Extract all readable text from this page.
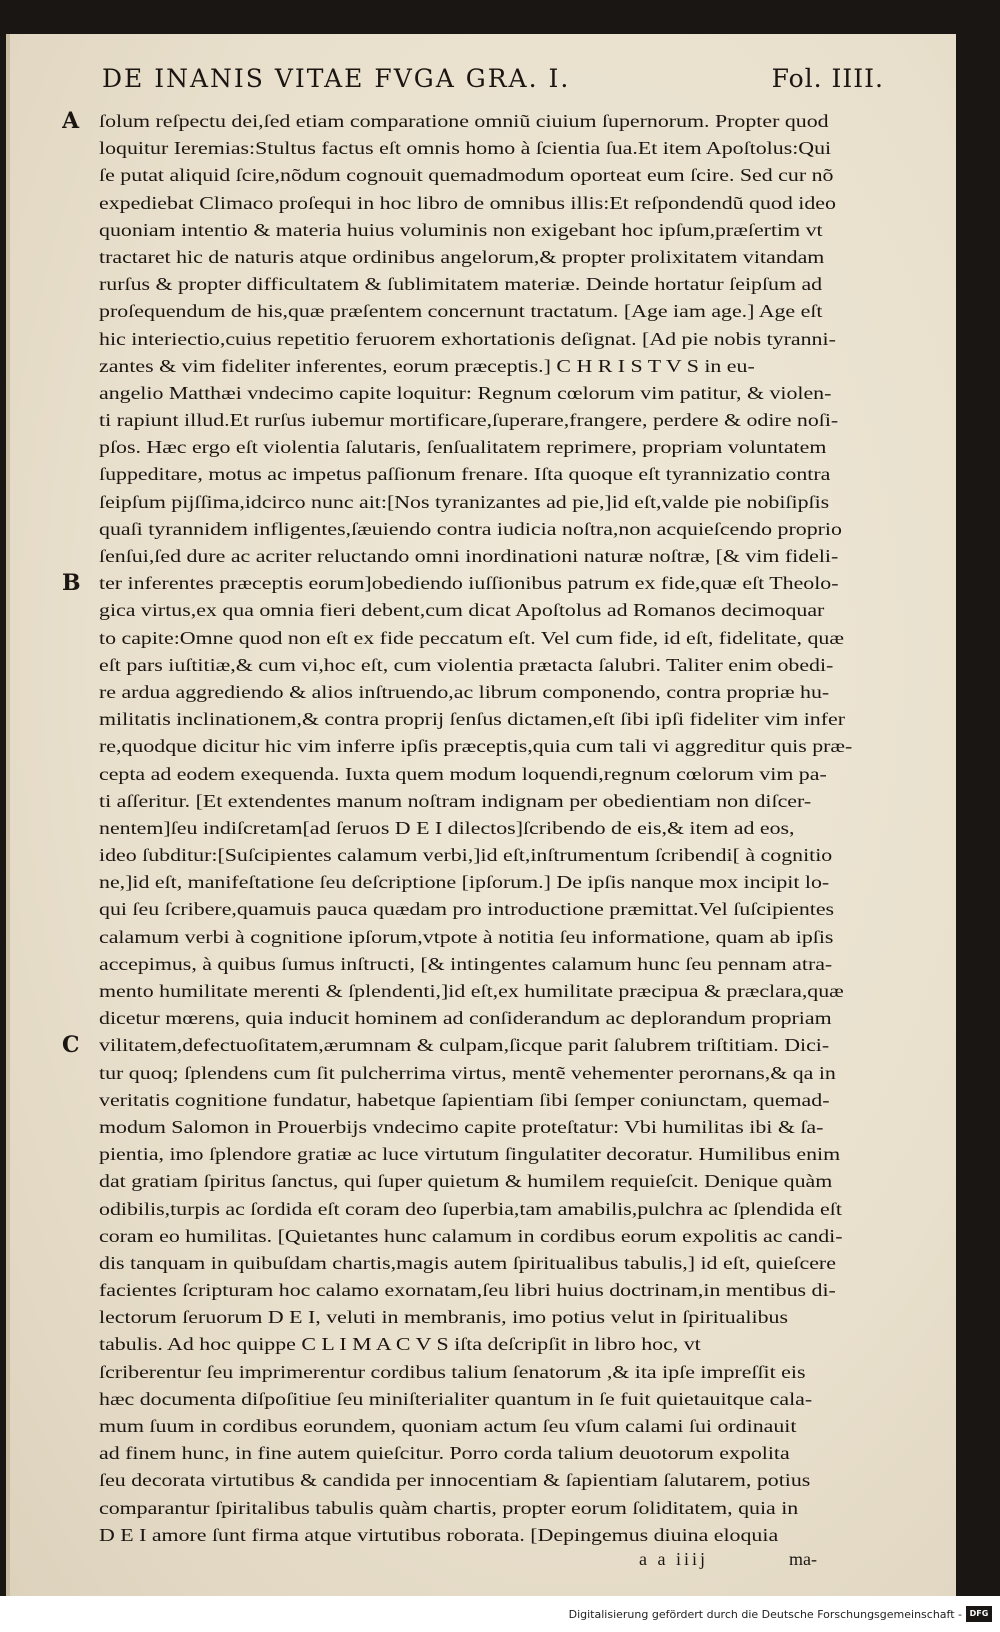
DE INANIS VITAE FVGA GRA. I.	Fol. IIII.
A ſolum reſpectu dei,ſed etiam comparatione omniũ ciuium ſupernorum. Propter quod
loquitur Ieremias:Stultus factus eſt omnis homo à ſcientia ſua.Et item Apoſtolus:Qui
ſe putat aliquid ſcire,nõdum cognouit quemadmodum oporteat eum ſcire. Sed cur nõ
expediebat Climaco proſequi in hoc libro de omnibus illis:Et reſpondendũ quod ideo
quoniam intentio & materia huius voluminis non exigebant hoc ipſum,præſertim vt
tractaret hic de naturis atque ordinibus angelorum,& propter prolixitatem vitandam
rurſus & propter difficultatem & ſublimitatem materiæ. Deinde hortatur ſeipſum ad
proſequendum de his,quæ præſentem concernunt tractatum. [Age iam age.] Age eſt
hic interiectio,cuius repetitio feruorem exhortationis deſignat. [Ad pie nobis tyranni-
zantes & vim fideliter inferentes, eorum præceptis.] C H R I S T V S in eu-
angelio Matthæi vndecimo capite loquitur: Regnum cœlorum vim patitur, & violen-
ti rapiunt illud.Et rurſus iubemur mortificare,ſuperare,frangere, perdere & odire noſi-
pſos. Hæc ergo eſt violentia ſalutaris, ſenſualitatem reprimere, propriam voluntatem
ſuppeditare, motus ac impetus paſſionum frenare. Iſta quoque eſt tyrannizatio contra
ſeipſum pijſſima,idcirco nunc ait:[Nos tyranizantes ad pie,]id eſt,valde pie nobiſipſis
quaſi tyrannidem infligentes,ſæuiendo contra iudicia noſtra,non acquieſcendo proprio
ſenſui,ſed dure ac acriter reluctando omni inordinationi naturæ noſtræ, [& vim fideli-
B ter inferentes præceptis eorum]obediendo iuſſionibus patrum ex fide,quæ eſt Theolo-
gica virtus,ex qua omnia fieri debent,cum dicat Apoſtolus ad Romanos decimoquar
to capite:Omne quod non eſt ex fide peccatum eſt. Vel cum fide, id eſt, fidelitate, quæ
eſt pars iuſtitiæ,& cum vi,hoc eſt, cum violentia prætacta ſalubri. Taliter enim obedi-
re ardua aggrediendo & alios inſtruendo,ac librum componendo, contra propriæ hu-
militatis inclinationem,& contra proprij ſenſus dictamen,eſt ſibi ipſi fideliter vim infer
re,quodque dicitur hic vim inferre ipſis præceptis,quia cum tali vi aggreditur quis præ-
cepta ad eodem exequenda. Iuxta quem modum loquendi,regnum cœlorum vim pa-
ti aſſeritur. [Et extendentes manum noſtram indignam per obedientiam non diſcer-
nentem]ſeu indiſcretam[ad ſeruos D E I dilectos]ſcribendo de eis,& item ad eos,
ideo ſubditur:[Suſcipientes calamum verbi,]id eſt,inſtrumentum ſcribendi[ à cognitio
ne,]id eſt, manifeſtatione ſeu deſcriptione [ipſorum.] De ipſis nanque mox incipit lo-
qui ſeu ſcribere,quamuis pauca quædam pro introductione præmittat.Vel ſuſcipientes
calamum verbi à cognitione ipſorum,vtpote à notitia ſeu informatione, quam ab ipſis
accepimus, à quibus ſumus inſtructi, [& intingentes calamum hunc ſeu pennam atra-
mento humilitate merenti & ſplendenti,]id eſt,ex humilitate præcipua & præclara,quæ
dicetur mœrens, quia inducit hominem ad conſiderandum ac deplorandum propriam
C vilitatem,defectuoſitatem,ærumnam & culpam,ſicque parit ſalubrem triſtitiam. Dici-
tur quoq; ſplendens cum ſit pulcherrima virtus, mentẽ vehementer perornans,& qa in
veritatis cognitione fundatur, habetque ſapientiam ſibi ſemper coniunctam, quemad-
modum Salomon in Prouerbijs vndecimo capite proteſtatur: Vbi humilitas ibi & ſa-
pientia, imo ſplendore gratiæ ac luce virtutum ſingulatiter decoratur. Humilibus enim
dat gratiam ſpiritus ſanctus, qui ſuper quietum & humilem requieſcit. Denique quàm
odibilis,turpis ac ſordida eſt coram deo ſuperbia,tam amabilis,pulchra ac ſplendida eſt
coram eo humilitas. [Quietantes hunc calamum in cordibus eorum expolitis ac candi-
dis tanquam in quibuſdam chartis,magis autem ſpiritualibus tabulis,] id eſt, quieſcere
facientes ſcripturam hoc calamo exornatam,ſeu libri huius doctrinam,in mentibus di-
lectorum ſeruorum D E I, veluti in membranis, imo potius velut in ſpiritualibus
tabulis. Ad hoc quippe C L I M A C V S iſta deſcripſit in libro hoc, vt
ſcriberentur ſeu imprimerentur cordibus talium ſenatorum ,& ita ipſe impreſſit eis
hæc documenta diſpoſitiue ſeu miniſterialiter quantum in ſe fuit quietauitque cala-
mum ſuum in cordibus eorundem, quoniam actum ſeu vſum calami ſui ordinauit
ad finem hunc, in fine autem quieſcitur. Porro corda talium deuotorum expolita
ſeu decorata virtutibus & candida per innocentiam & ſapientiam ſalutarem, potius
comparantur ſpiritalibus tabulis quàm chartis, propter eorum ſoliditatem, quia in
D E I amore ſunt firma atque virtutibus roborata. [Depingemus diuina eloquia
a a iiij	ma-
Digitalisierung gefördert durch die Deutsche Forschungsgemeinschaft - DFG
